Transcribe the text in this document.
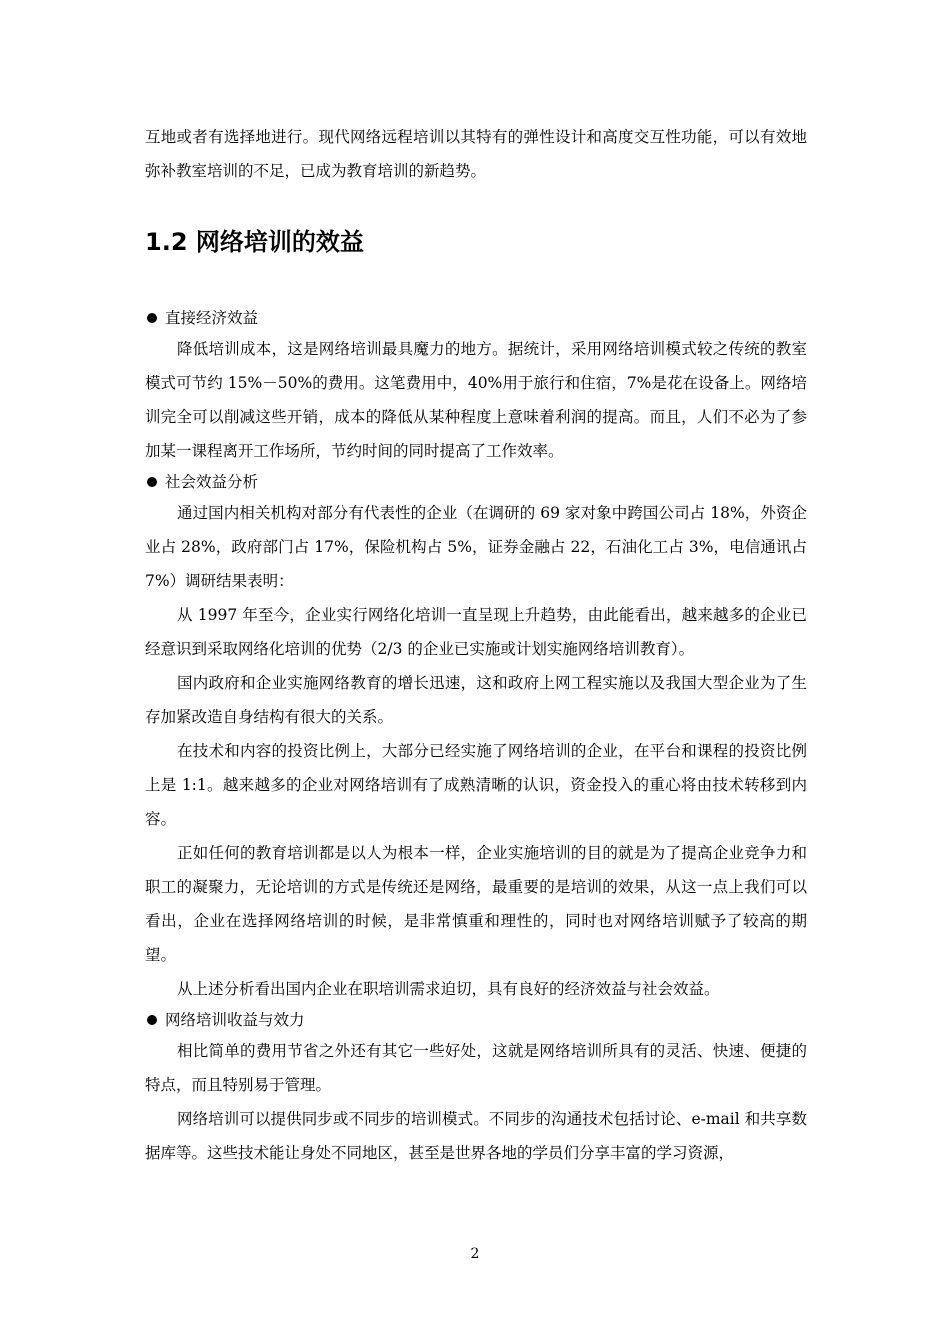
互地或者有选择地进行。现代网络远程培训以其特有的弹性设计和高度交互性功能，可以有效地弥补教室培训的不足，已成为教育培训的新趋势。

1.2 网络培训的效益
直接经济效益

降低培训成本，这是网络培训最具魔力的地方。据统计，采用网络培训模式较之传统的教室模式可节约 15%－50%的费用。这笔费用中，40%用于旅行和住宿，7%是花在设备上。网络培训完全可以削减这些开销，成本的降低从某种程度上意味着利润的提高。而且，人们不必为了参加某一课程离开工作场所，节约时间的同时提高了工作效率。

社会效益分析

通过国内相关机构对部分有代表性的企业（在调研的 69 家对象中跨国公司占 18%，外资企业占 28%，政府部门占 17%，保险机构占 5%，证券金融占 22，石油化工占 3%，电信通讯占 7%）调研结果表明：

从 1997 年至今，企业实行网络化培训一直呈现上升趋势，由此能看出，越来越多的企业已经意识到采取网络化培训的优势（2/3 的企业已实施或计划实施网络培训教育）。

国内政府和企业实施网络教育的增长迅速，这和政府上网工程实施以及我国大型企业为了生存加紧改造自身结构有很大的关系。

在技术和内容的投资比例上，大部分已经实施了网络培训的企业，在平台和课程的投资比例上是 1:1。越来越多的企业对网络培训有了成熟清晰的认识，资金投入的重心将由技术转移到内容。

正如任何的教育培训都是以人为根本一样，企业实施培训的目的就是为了提高企业竞争力和职工的凝聚力，无论培训的方式是传统还是网络，最重要的是培训的效果，从这一点上我们可以看出，企业在选择网络培训的时候，是非常慎重和理性的，同时也对网络培训赋予了较高的期望。

从上述分析看出国内企业在职培训需求迫切，具有良好的经济效益与社会效益。

网络培训收益与效力

相比简单的费用节省之外还有其它一些好处，这就是网络培训所具有的灵活、快速、便捷的特点，而且特别易于管理。

网络培训可以提供同步或不同步的培训模式。不同步的沟通技术包括讨论、e-mail 和共享数据库等。这些技术能让身处不同地区，甚至是世界各地的学员们分享丰富的学习资源，

2
